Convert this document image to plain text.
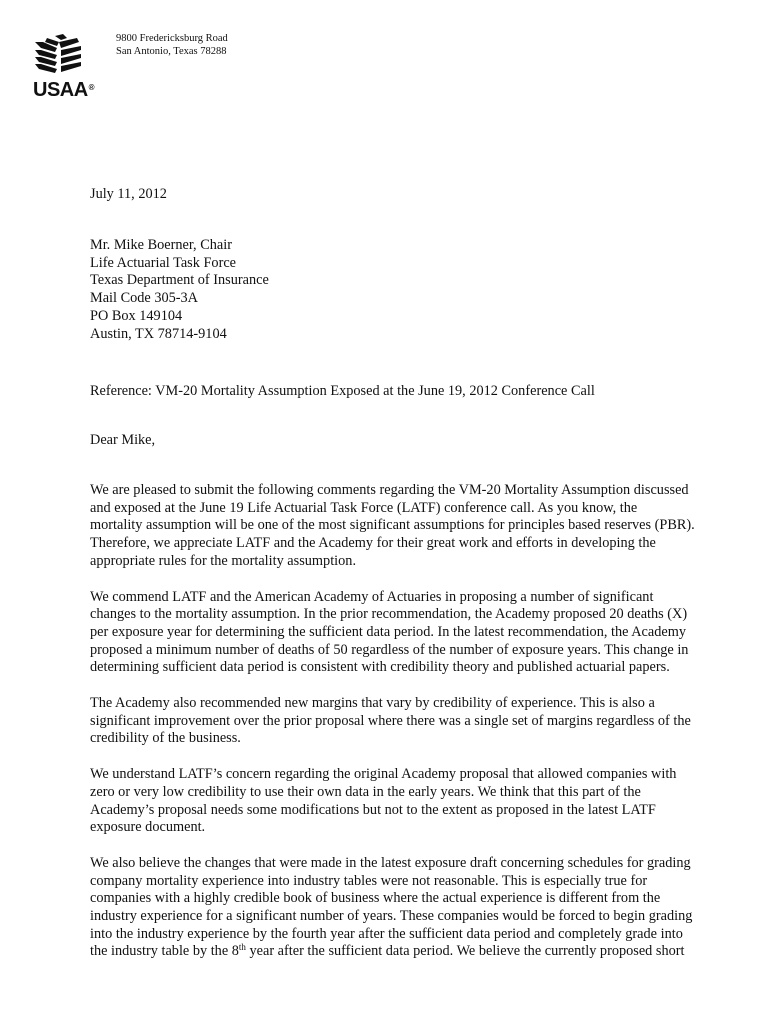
USAA®
9800 Fredericksburg Road
San Antonio, Texas 78288
July 11, 2012
Mr. Mike Boerner, Chair
Life Actuarial Task Force
Texas Department of Insurance
Mail Code 305-3A
PO Box 149104
Austin, TX 78714-9104
Reference: VM-20 Mortality Assumption Exposed at the June 19, 2012 Conference Call
Dear Mike,
We are pleased to submit the following comments regarding the VM-20 Mortality Assumption discussed
and exposed at the June 19 Life Actuarial Task Force (LATF) conference call. As you know, the
mortality assumption will be one of the most significant assumptions for principles based reserves (PBR).
Therefore, we appreciate LATF and the Academy for their great work and efforts in developing the
appropriate rules for the mortality assumption.
We commend LATF and the American Academy of Actuaries in proposing a number of significant
changes to the mortality assumption. In the prior recommendation, the Academy proposed 20 deaths (X)
per exposure year for determining the sufficient data period. In the latest recommendation, the Academy
proposed a minimum number of deaths of 50 regardless of the number of exposure years. This change in
determining sufficient data period is consistent with credibility theory and published actuarial papers.
The Academy also recommended new margins that vary by credibility of experience. This is also a
significant improvement over the prior proposal where there was a single set of margins regardless of the
credibility of the business.
We understand LATF’s concern regarding the original Academy proposal that allowed companies with
zero or very low credibility to use their own data in the early years. We think that this part of the
Academy’s proposal needs some modifications but not to the extent as proposed in the latest LATF
exposure document.
We also believe the changes that were made in the latest exposure draft concerning schedules for grading
company mortality experience into industry tables were not reasonable. This is especially true for
companies with a highly credible book of business where the actual experience is different from the
industry experience for a significant number of years. These companies would be forced to begin grading
into the industry experience by the fourth year after the sufficient data period and completely grade into
the industry table by the 8th year after the sufficient data period. We believe the currently proposed short
